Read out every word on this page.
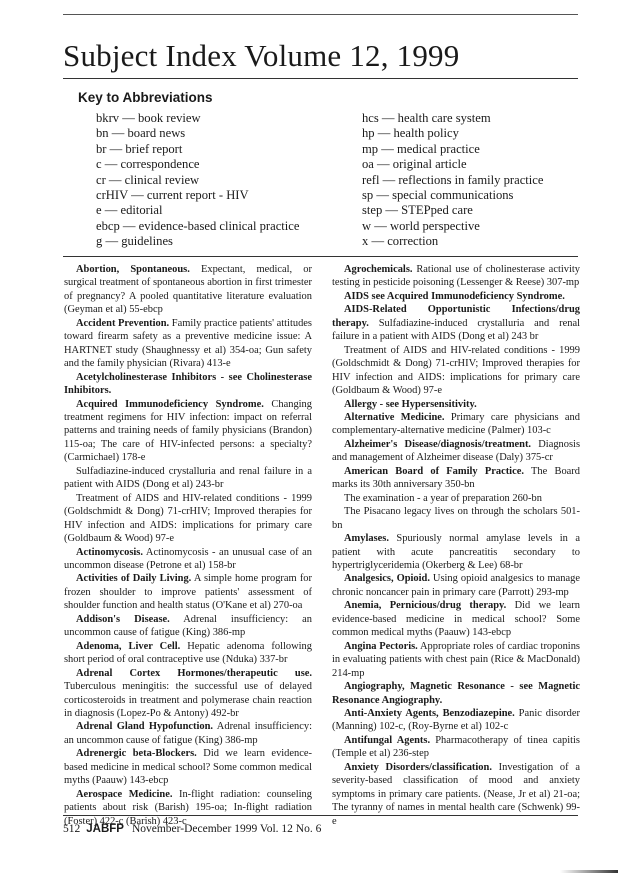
Subject Index Volume 12, 1999
Key to Abbreviations
bkrv — book review
bn — board news
br — brief report
c — correspondence
cr — clinical review
crHIV — current report - HIV
e — editorial
ebcp — evidence-based clinical practice
g — guidelines
hcs — health care system
hp — health policy
mp — medical practice
oa — original article
refl — reflections in family practice
sp — special communications
step — STEPped care
w — world perspective
x — correction

Abortion, Spontaneous. Expectant, medical, or surgical treatment of spontaneous abortion in first trimester of pregnancy? A pooled quantitative literature evaluation (Geyman et al) 55-ebcp

Accident Prevention. Family practice patients' attitudes toward firearm safety as a preventive medicine issue: A HARTNET study (Shaughnessy et al) 354-oa; Gun safety and the family physician (Rivara) 413-e

Acetylcholinesterase Inhibitors - see Cholinesterase Inhibitors.

Acquired Immunodeficiency Syndrome. Changing treatment regimens for HIV infection: impact on referral patterns and training needs of family physicians (Brandon) 115-oa; The care of HIV-infected persons: a specialty? (Carmichael) 178-e

Sulfadiazine-induced crystalluria and renal failure in a patient with AIDS (Dong et al) 243-br

Treatment of AIDS and HIV-related conditions - 1999 (Goldschmidt & Dong) 71-crHIV; Improved therapies for HIV infection and AIDS: implications for primary care (Goldbaum & Wood) 97-e

Actinomycosis. Actinomycosis - an unusual case of an uncommon disease (Petrone et al) 158-br

Activities of Daily Living. A simple home program for frozen shoulder to improve patients' assessment of shoulder function and health status (O'Kane et al) 270-oa

Addison's Disease. Adrenal insufficiency: an uncommon cause of fatigue (King) 386-mp

Adenoma, Liver Cell. Hepatic adenoma following short period of oral contraceptive use (Nduka) 337-br

Adrenal Cortex Hormones/therapeutic use. Tuberculous meningitis: the successful use of delayed corticosteroids in treatment and polymerase chain reaction in diagnosis (Lopez-Po & Antony) 492-br

Adrenal Gland Hypofunction. Adrenal insufficiency: an uncommon cause of fatigue (King) 386-mp

Adrenergic beta-Blockers. Did we learn evidence-based medicine in medical school? Some common medical myths (Paauw) 143-ebcp

Aerospace Medicine. In-flight radiation: counseling patients about risk (Barish) 195-oa; In-flight radiation (Foster) 422-c (Barish) 423-c

Agrochemicals. Rational use of cholinesterase activity testing in pesticide poisoning (Lessenger & Reese) 307-mp

AIDS see Acquired Immunodeficiency Syndrome.

AIDS-Related Opportunistic Infections/drug therapy. Sulfadiazine-induced crystalluria and renal failure in a patient with AIDS (Dong et al) 243 br

Treatment of AIDS and HIV-related conditions - 1999 (Goldschmidt & Dong) 71-crHIV; Improved therapies for HIV infection and AIDS: implications for primary care (Goldbaum & Wood) 97-e

Allergy - see Hypersensitivity.

Alternative Medicine. Primary care physicians and complementary-alternative medicine (Palmer) 103-c

Alzheimer's Disease/diagnosis/treatment. Diagnosis and management of Alzheimer disease (Daly) 375-cr

American Board of Family Practice. The Board marks its 30th anniversary 350-bn

The examination - a year of preparation 260-bn

The Pisacano legacy lives on through the scholars 501-bn

Amylases. Spuriously normal amylase levels in a patient with acute pancreatitis secondary to hypertriglyceridemia (Okerberg & Lee) 68-br

Analgesics, Opioid. Using opioid analgesics to manage chronic noncancer pain in primary care (Parrott) 293-mp

Anemia, Pernicious/drug therapy. Did we learn evidence-based medicine in medical school? Some common medical myths (Paauw) 143-ebcp

Angina Pectoris. Appropriate roles of cardiac troponins in evaluating patients with chest pain (Rice & MacDonald) 214-mp

Angiography, Magnetic Resonance - see Magnetic Resonance Angiography.

Anti-Anxiety Agents, Benzodiazepine. Panic disorder (Manning) 102-c, (Roy-Byrne et al) 102-c

Antifungal Agents. Pharmacotherapy of tinea capitis (Temple et al) 236-step

Anxiety Disorders/classification. Investigation of a severity-based classification of mood and anxiety symptoms in primary care patients. (Nease, Jr et al) 21-oa; The tyranny of names in mental health care (Schwenk) 99-e

512 JABFP November-December 1999 Vol. 12 No. 6
